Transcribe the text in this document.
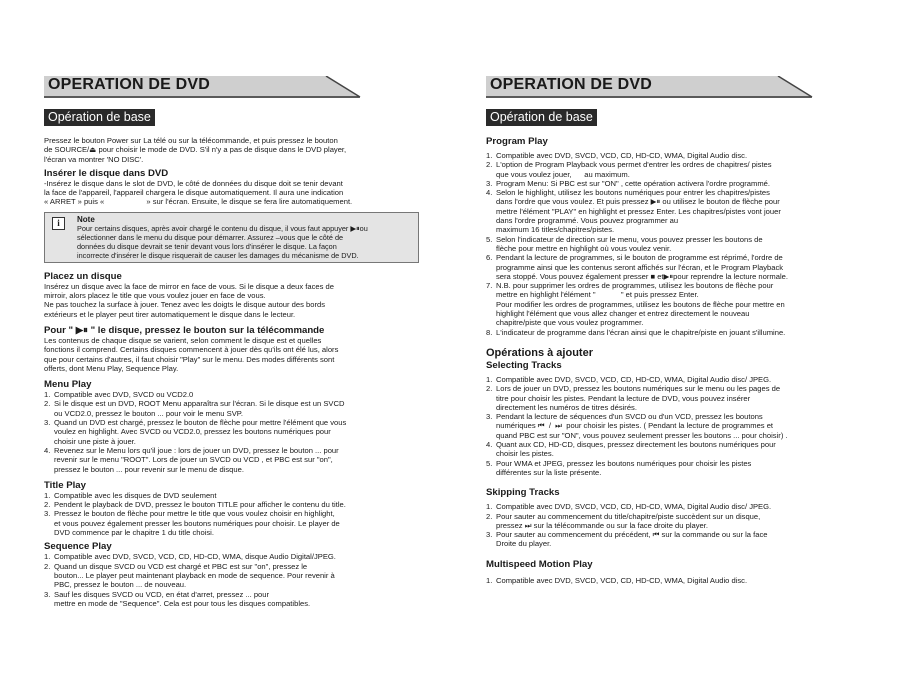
OPERATION DE DVD
Opération de base
Pressez le bouton Power sur La télé ou sur la télécommande, et puis pressez le bouton
de SOURCE/⏏ pour choisir le mode de DVD. S'il n'y a pas de disque dans le DVD player,
l'écran va montrer 'NO DISC'.
Insérer le disque dans DVD
-Insérez le disque dans le slot de DVD, le côté de données du disque doit se tenir devant
la face de l'appareil, l'appareil chargera le disque automatiquement. Il aura une indication
« ARRET » puis «                    » sur l'écran. Ensuite, le disque se fera lire automatiquement.
i	Note
Pour certains disques, après avoir chargé le contenu du disque, il vous faut appuyer ▶⏸ou
sélectionner dans le menu du disque pour démarrer. Assurez –vous que le côté de
données du disque devrait se tenir devant vous lors d'insérer le disque. La façon
incorrecte d'insérer le disque risquerait de causer les damages du mécanisme de DVD.
Placez un disque
Insérez un disque avec la face de mirror en face de vous. Si le disque a deux faces de
mirroir, alors placez le title que vous voulez jouer en face de vous.
Ne pas touchez la surface à jouer. Tenez avec les doigts le disque autour des bords
extérieurs et le player peut tirer automatiquement le disque dans le lecteur.
Pour " ▶⏸ " le disque, pressez le bouton sur la télécommande
Les contenus de chaque disque se varient, selon comment le disque est et quelles
fonctions il comprend. Certains disques commencent à jouer dès qu'ils ont élé lus, alors
que pour certains d'autres, il faut choisir "Play" sur le menu. Des modes différents sont
offerts, dont Menu Play, Sequence Play.
Menu Play
1. Compatible avec DVD, SVCD ou VCD2.0
2. Si le disque est un DVD, ROOT Menu apparaîtra sur l'écran. Si le disque est un SVCD
ou VCD2.0, pressez le bouton ... pour voir le menu SVP.
3. Quand un DVD est chargé, pressez le bouton de flèche pour mettre l'élément que vous
voulez en highlight. Avec SVCD ou VCD2.0, pressez les boutons numériques pour
choisir une piste à jouer.
4. Revenez sur le Menu lors qu'il joue : lors de jouer un DVD, pressez le bouton ... pour
revenir sur le menu "ROOT". Lors de jouer un SVCD ou VCD , et PBC est sur "on",
pressez le bouton ... pour revenir sur le menu de disque.
Title Play
1. Compatible avec les disques de DVD seulement
2. Pendent le playback de DVD, pressez le bouton TITLE pour afficher le contenu du title.
3. Pressez le bouton de flèche pour mettre le title que vous voulez choisir en highlight,
et vous pouvez également presser les boutons numériques pour choisir. Le player de
DVD commence par le chapitre 1 du title choisi.
Sequence Play
1. Compatible avec DVD, SVCD, VCD, CD, HD-CD, WMA, disque Audio Digital/JPEG.
2. Quand un disque SVCD ou VCD est chargé et PBC est sur "on", pressez le
bouton... Le player peut maintenant playback en mode de sequence. Pour revenir à
PBC, pressez le bouton ... de nouveau.
3. Sauf les disques SVCD ou VCD, en état d'arret, pressez ... pour
mettre en mode de "Sequence". Cela est pour tous les disques compatibles.
OPERATION DE DVD
Opération de base
Program Play
1. Compatible avec DVD, SVCD, VCD, CD, HD-CD, WMA, Digital Audio disc.
2. L'option de Program Playback vous permet d'entrer les ordres de chapitres/ pistes
que vous voulez jouer,      au maximum.
3. Program Menu: Si PBC est sur "ON" , cette opération activera l'ordre programmé.
4. Selon le highlight, utilisez les boutons numériques pour entrer les chapitres/pistes
dans l'ordre que vous voulez. Et puis pressez ▶⏸ ou utilisez le bouton de flèche pour
mettre l'élément "PLAY" en highlight et pressez Enter. Les chapitres/pistes vont jouer
dans l'ordre programmé. Vous pouvez programmer au
maximum 16 titles/chapitres/pistes.
5. Selon l'indicateur de direction sur le menu, vous pouvez presser les boutons de
flèche pour mettre en highlight où vous voulez venir.
6. Pendant la lecture de programmes, si le bouton de programme est réprimé, l'ordre de
programme ainsi que les contenus seront affichés sur l'écran, et le Program Playback
sera stoppé. Vous pouvez également presser ■ et▶⏸pour reprendre la lecture normale.
7. N.B. pour supprimer les ordres de programmes, utilisez les boutons de flèche pour
mettre en highlight l'élément "            " et puis pressez Enter.
Pour modifier les ordres de programmes, utilisez les boutons de flèche pour mettre en
highlight l'élément que vous allez changer et entrez directement le nouveau
chapitre/piste que vous voulez programmer.
8. L'indicateur de programme dans l'écran ainsi que le chapitre/piste en jouant s'illumine.
Opérations à ajouter
Selecting Tracks
1. Compatible avec DVD, SVCD, VCD, CD, HD-CD, WMA, Digital Audio disc/ JPEG.
2. Lors de jouer un DVD, pressez les boutons numériques sur le menu ou les pages de
titre pour choisir les pistes. Pendant la lecture de DVD, vous pouvez insérer
directement les numéros de titres désirés.
3. Pendant la lecture de séquences d'un SVCD ou d'un VCD, pressez les boutons
numériques ⏮  /  ⏭  pour choisir les pistes. ( Pendant la lecture de programmes et
quand PBC est sur "ON", vous pouvez seulement presser les boutons ... pour choisir) .
4. Quant aux CD, HD-CD, disques, pressez directement les boutons numériques pour
choisir les pistes.
5. Pour WMA et JPEG, pressez les boutons numériques pour choisir les pistes
différentes sur la liste présente.
Skipping Tracks
1. Compatible avec DVD, SVCD, VCD, CD, HD-CD, WMA, Digital Audio disc/ JPEG.
2. Pour sauter au commencement du title/chapitre/piste succèdent sur un disque,
pressez ⏭ sur la télécommande ou sur la face droite du player.
3. Pour sauter au commencement du précédent, ⏮ sur la commande ou sur la face
Droite du player.
Multispeed Motion Play
1. Compatible avec DVD, SVCD, VCD, CD, HD-CD, WMA, Digital Audio disc.
